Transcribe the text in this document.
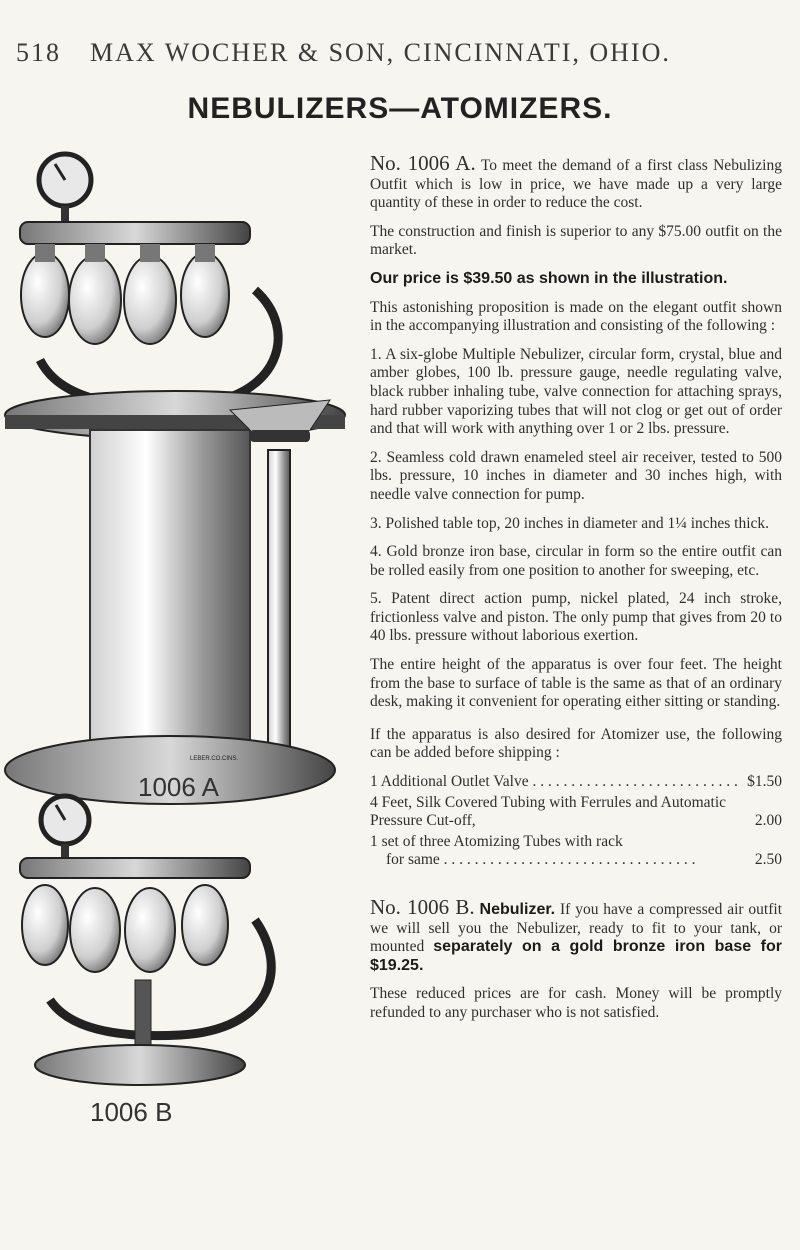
518 MAX WOCHER & SON, CINCINNATI, OHIO.
NEBULIZERS—ATOMIZERS.
LEBER.CO.CINS.
1006 A
1006 B

No. 1006 A. To meet the demand of a first class Nebulizing Outfit which is low in price, we have made up a very large quantity of these in order to reduce the cost.

The construction and finish is superior to any $75.00 outfit on the market.

Our price is $39.50 as shown in the illustration.

This astonishing proposition is made on the elegant outfit shown in the accompanying illustration and consisting of the following :

1. A six-globe Multiple Nebulizer, circular form, crystal, blue and amber globes, 100 lb. pressure gauge, needle regulating valve, black rubber inhaling tube, valve connection for attaching sprays, hard rubber vaporizing tubes that will not clog or get out of order and that will work with anything over 1 or 2 lbs. pressure.

2. Seamless cold drawn enameled steel air receiver, tested to 500 lbs. pressure, 10 inches in diameter and 30 inches high, with needle valve connection for pump.

3. Polished table top, 20 inches in diameter and 1¼ inches thick.

4. Gold bronze iron base, circular in form so the entire outfit can be rolled easily from one position to another for sweeping, etc.

5. Patent direct action pump, nickel plated, 24 inch stroke, frictionless valve and piston. The only pump that gives from 20 to 40 lbs. pressure without laborious exertion.

The entire height of the apparatus is over four feet. The height from the base to surface of table is the same as that of an ordinary desk, making it convenient for operating either sitting or standing.

If the apparatus is also desired for Atomizer use, the following can be added before shipping :

1 Additional Outlet Valve . . .	$1.50
4 Feet, Silk Covered Tubing with Ferrules and Automatic Pressure Cut-off,	2.00
1 set of three Atomizing Tubes with rack
for same . . .	2.50

No. 1006 B. Nebulizer. If you have a compressed air outfit we will sell you the Nebulizer, ready to fit to your tank, or mounted separately on a gold bronze iron base for $19.25.

These reduced prices are for cash. Money will be promptly refunded to any purchaser who is not satisfied.
